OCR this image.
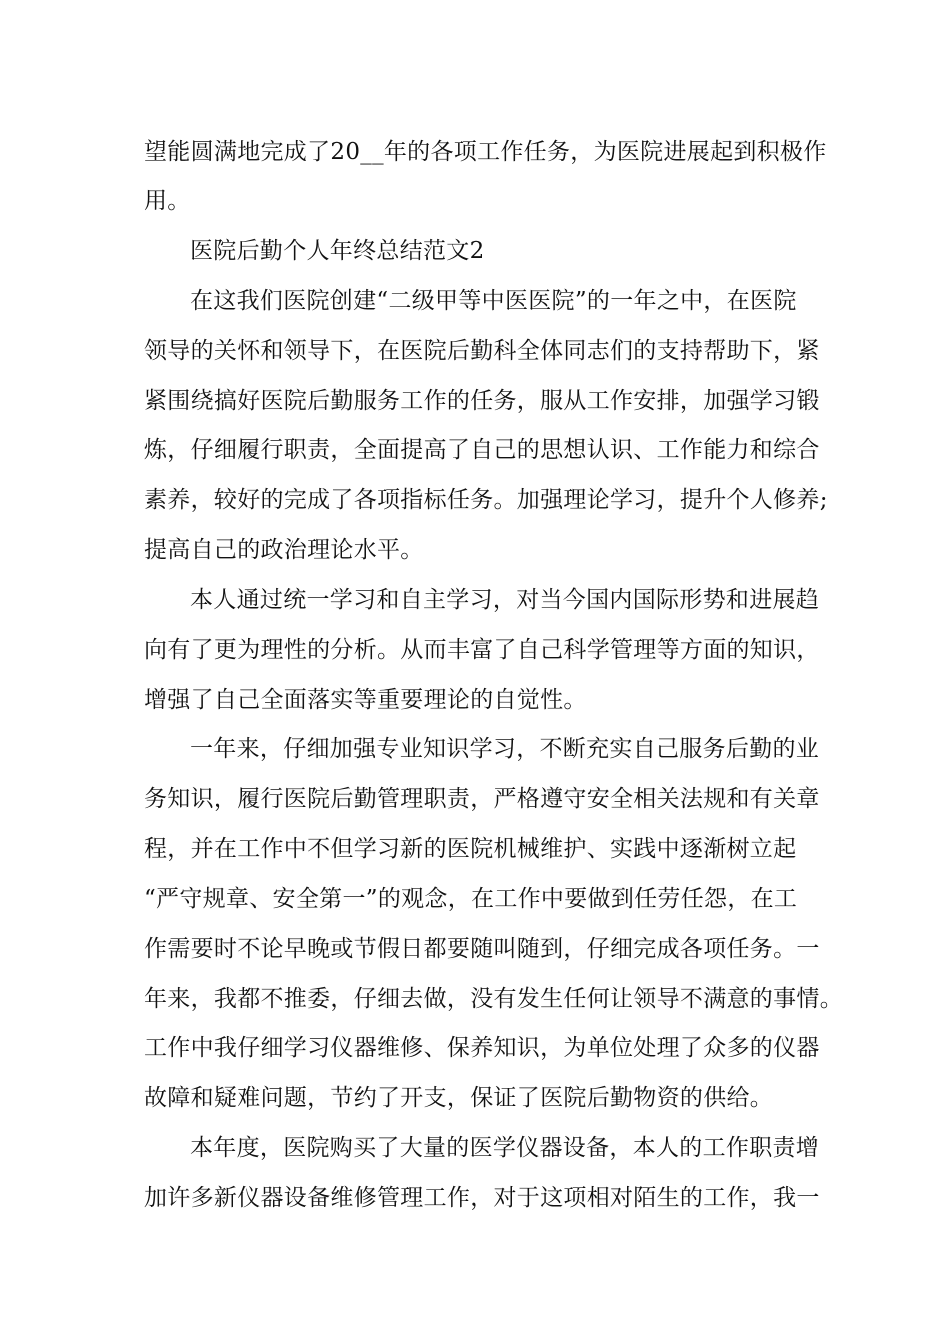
望能圆满地完成了20__年的各项工作任务，为医院进展起到积极作
用。
医院后勤个人年终总结范文2
在这我们医院创建“二级甲等中医医院”的一年之中，在医院
领导的关怀和领导下，在医院后勤科全体同志们的支持帮助下，紧
紧围绕搞好医院后勤服务工作的任务，服从工作安排，加强学习锻
炼，仔细履行职责，全面提高了自己的思想认识、工作能力和综合
素养，较好的完成了各项指标任务。加强理论学习，提升个人修养;
提高自己的政治理论水平。
本人通过统一学习和自主学习，对当今国内国际形势和进展趋
向有了更为理性的分析。从而丰富了自己科学管理等方面的知识，
增强了自己全面落实等重要理论的自觉性。
一年来，仔细加强专业知识学习，不断充实自己服务后勤的业
务知识，履行医院后勤管理职责，严格遵守安全相关法规和有关章
程，并在工作中不但学习新的医院机械维护、实践中逐渐树立起
“严守规章、安全第一”的观念，在工作中要做到任劳任怨，在工
作需要时不论早晚或节假日都要随叫随到，仔细完成各项任务。一
年来，我都不推委，仔细去做，没有发生任何让领导不满意的事情。
工作中我仔细学习仪器维修、保养知识，为单位处理了众多的仪器
故障和疑难问题，节约了开支，保证了医院后勤物资的供给。
本年度，医院购买了大量的医学仪器设备，本人的工作职责增
加许多新仪器设备维修管理工作，对于这项相对陌生的工作，我一
